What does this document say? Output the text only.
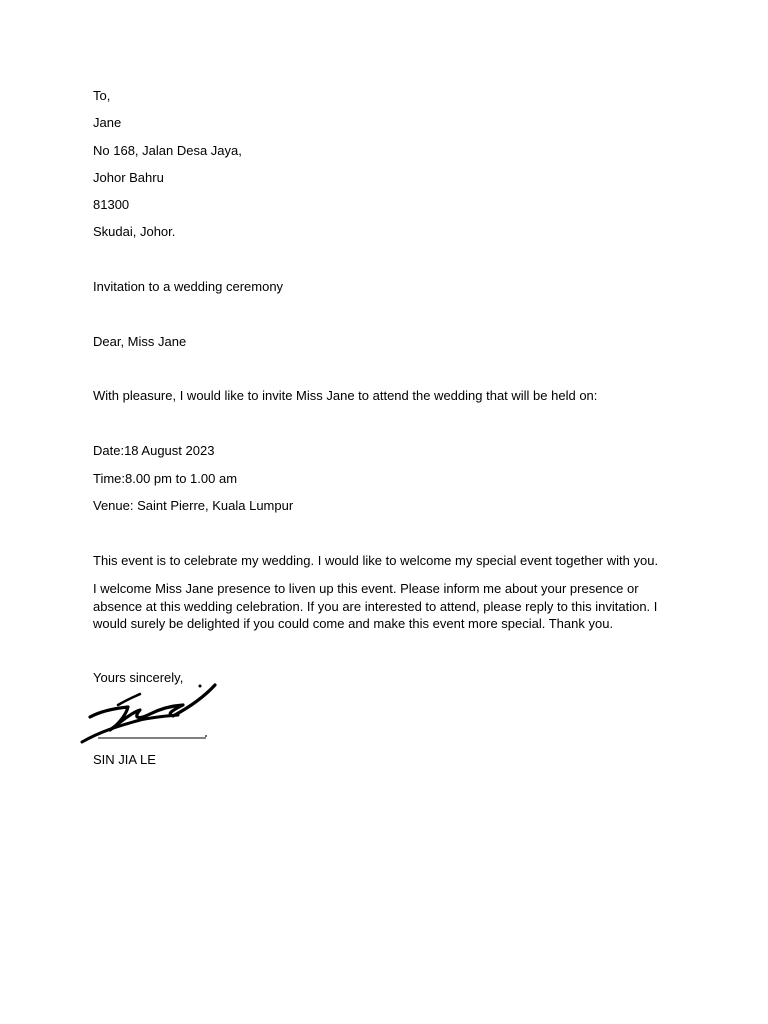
To,
Jane
No 168, Jalan Desa Jaya,
Johor Bahru
81300
Skudai, Johor.
Invitation to a wedding ceremony
Dear, Miss Jane
With pleasure, I would like to invite Miss Jane to attend the wedding that will be held on:
Date:18 August 2023
Time:8.00 pm to 1.00 am
Venue: Saint Pierre, Kuala Lumpur
This event is to celebrate my wedding. I would like to welcome my special event together with you.
I welcome Miss Jane presence to liven up this event. Please inform me about your presence or absence at this wedding celebration. If you are interested to attend, please reply to this invitation. I would surely be delighted if you could come and make this event more special. Thank you.
Yours sincerely,
SIN JIA LE
